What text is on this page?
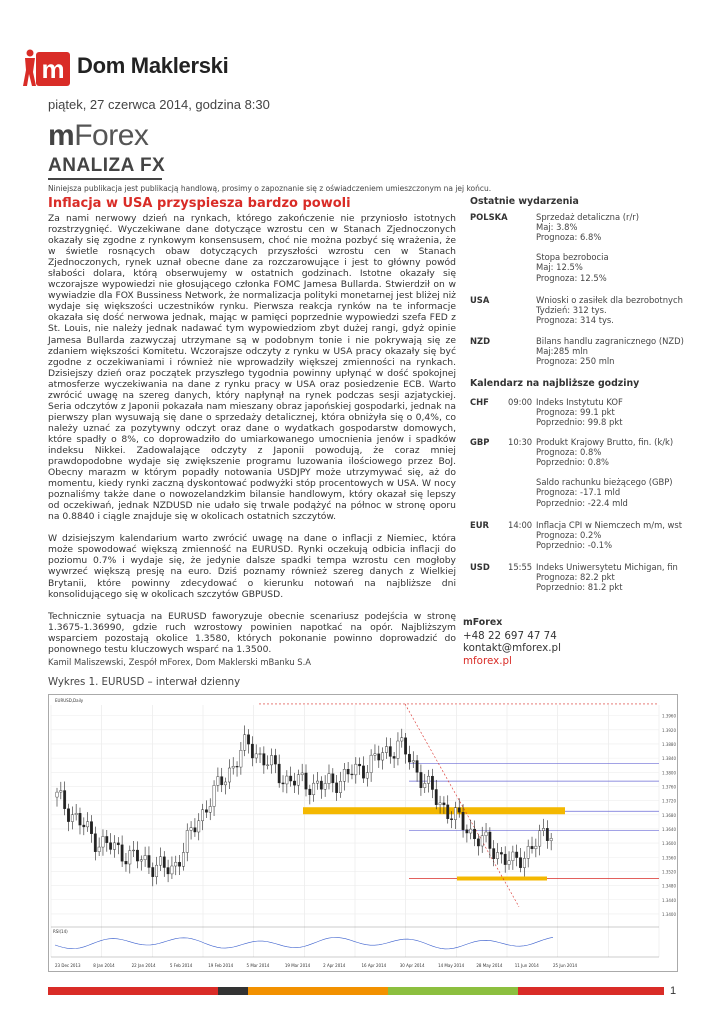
m Dom Maklerski
piątek, 27 czerwca 2014, godzina 8:30
mForex
ANALIZA FX
Niniejsza publikacja jest publikacją handlową, prosimy o zapoznanie się z oświadczeniem umieszczonym na jej końcu.
Inflacja w USA przyspiesza bardzo powoli

Za nami nerwowy dzień na rynkach, którego zakończenie nie przyniosło istotnych rozstrzygnięć. Wyczekiwane dane dotyczące wzrostu cen w Stanach Zjednoczonych okazały się zgodne z rynkowym konsensusem, choć nie można pozbyć się wrażenia, że w świetle rosnących obaw dotyczących przyszłości wzrostu cen w Stanach Zjednoczonych, rynek uznał obecne dane za rozczarowujące i jest to główny powód słabości dolara, którą obserwujemy w ostatnich godzinach. Istotne okazały się wczorajsze wypowiedzi nie głosującego członka FOMC Jamesa Bullarda. Stwierdził on w wywiadzie dla FOX Bussiness Network, że normalizacja polityki monetarnej jest bliżej niż wydaje się większości uczestników rynku. Pierwsza reakcja rynków na te informacje okazała się dość nerwowa jednak, mając w pamięci poprzednie wypowiedzi szefa FED z St. Louis, nie należy jednak nadawać tym wypowiedziom zbyt dużej rangi, gdyż opinie Jamesa Bullarda zazwyczaj utrzymane są w podobnym tonie i nie pokrywają się ze zdaniem większości Komitetu. Wczorajsze odczyty z rynku w USA pracy okazały się być zgodne z oczekiwaniami i również nie wprowadziły większej zmienności na rynkach. Dzisiejszy dzień oraz początek przyszłego tygodnia powinny upłynąć w dość spokojnej atmosferze wyczekiwania na dane z rynku pracy w USA oraz posiedzenie ECB. Warto zwrócić uwagę na szereg danych, który napłynął na rynek podczas sesji azjatyckiej. Seria odczytów z Japonii pokazała nam mieszany obraz japońskiej gospodarki, jednak na pierwszy plan wysuwają się dane o sprzedaży detalicznej, która obniżyła się o 0,4%, co należy uznać za pozytywny odczyt oraz dane o wydatkach gospodarstw domowych, które spadły o 8%, co doprowadziło do umiarkowanego umocnienia jenów i spadków indeksu Nikkei. Zadowalające odczyty z Japonii powodują, że coraz mniej prawdopodobne wydaje się zwiększenie programu luzowania ilościowego przez BoJ. Obecny marazm w którym popadły notowania USDJPY może utrzymywać się, aż do momentu, kiedy rynki zaczną dyskontować podwyżki stóp procentowych w USA. W nocy poznaliśmy także dane o nowozelandzkim bilansie handlowym, który okazał się lepszy od oczekiwań, jednak NZDUSD nie udało się trwale podążyć na północ w stronę oporu na 0.8840 i ciągle znajduje się w okolicach ostatnich szczytów.

W dzisiejszym kalendarium warto zwrócić uwagę na dane o inflacji z Niemiec, która może spowodować większą zmienność na EURUSD. Rynki oczekują odbicia inflacji do poziomu 0.7% i wydaje się, że jedynie dalsze spadki tempa wzrostu cen mogłoby wywrzeć większą presję na euro. Dziś poznamy również szereg danych z Wielkiej Brytanii, które powinny zdecydować o kierunku notowań na najbliższe dni konsolidującego się w okolicach szczytów GBPUSD.

Technicznie sytuacja na EURUSD faworyzuje obecnie scenariusz podejścia w stronę 1.3675-1.36990, gdzie ruch wzrostowy powinien napotkać na opór. Najbliższym wsparciem pozostają okolice 1.3580, których pokonanie powinno doprowadzić do ponownego testu kluczowych wsparć na 1.3500.

Kamil Maliszewski, Zespół mForex, Dom Maklerski mBanku S.A
Wykres 1. EURUSD – interwał dzienny
Ostatnie wydarzenia
POLSKA	Sprzedaż detaliczna (r/r)
Maj: 3.8%
Prognoza: 6.8%

Stopa bezrobocia
Maj: 12.5%
Prognoza: 12.5%
USA	Wnioski o zasiłek dla bezrobotnych
Tydzień: 312 tys.
Prognoza: 314 tys.
NZD	Bilans handlu zagranicznego (NZD)
Maj:285 mln
Prognoza: 250 mln
Kalendarz na najbliższe godziny
CHF 09:00 Indeks Instytutu KOF
Prognoza: 99.1 pkt
Poprzednio: 99.8 pkt
GBP 10:30 Produkt Krajowy Brutto, fin. (k/k)
Prognoza: 0.8%
Poprzednio: 0.8%

Saldo rachunku bieżącego (GBP)
Prognoza: -17.1 mld
Poprzednio: -22.4 mld
EUR 14:00 Inflacja CPI w Niemczech m/m, wst
Prognoza: 0.2%
Poprzednio: -0.1%
USD 15:55 Indeks Uniwersytetu Michigan, fin
Prognoza: 82.2 pkt
Poprzednio: 81.2 pkt
mForex
+48 22 697 47 74
kontakt@mforex.pl
mforex.pl
1.3400
1.3440
1.3480
1.3520
1.3560
1.3600
1.3640
1.3680
1.3720
1.3760
1.3800
1.3840
1.3880
1.3920
1.3960
EURUSD,Daily
RSI(14)
23 Dec 2013	8 Jan 2014	22 Jan 2014	5 Feb 2014	19 Feb 2014	5 Mar 2014	19 Mar 2014	2 Apr 2014	16 Apr 2014	30 Apr 2014	14 May 2014	28 May 2014	11 Jun 2014	25 Jun 2014
1
